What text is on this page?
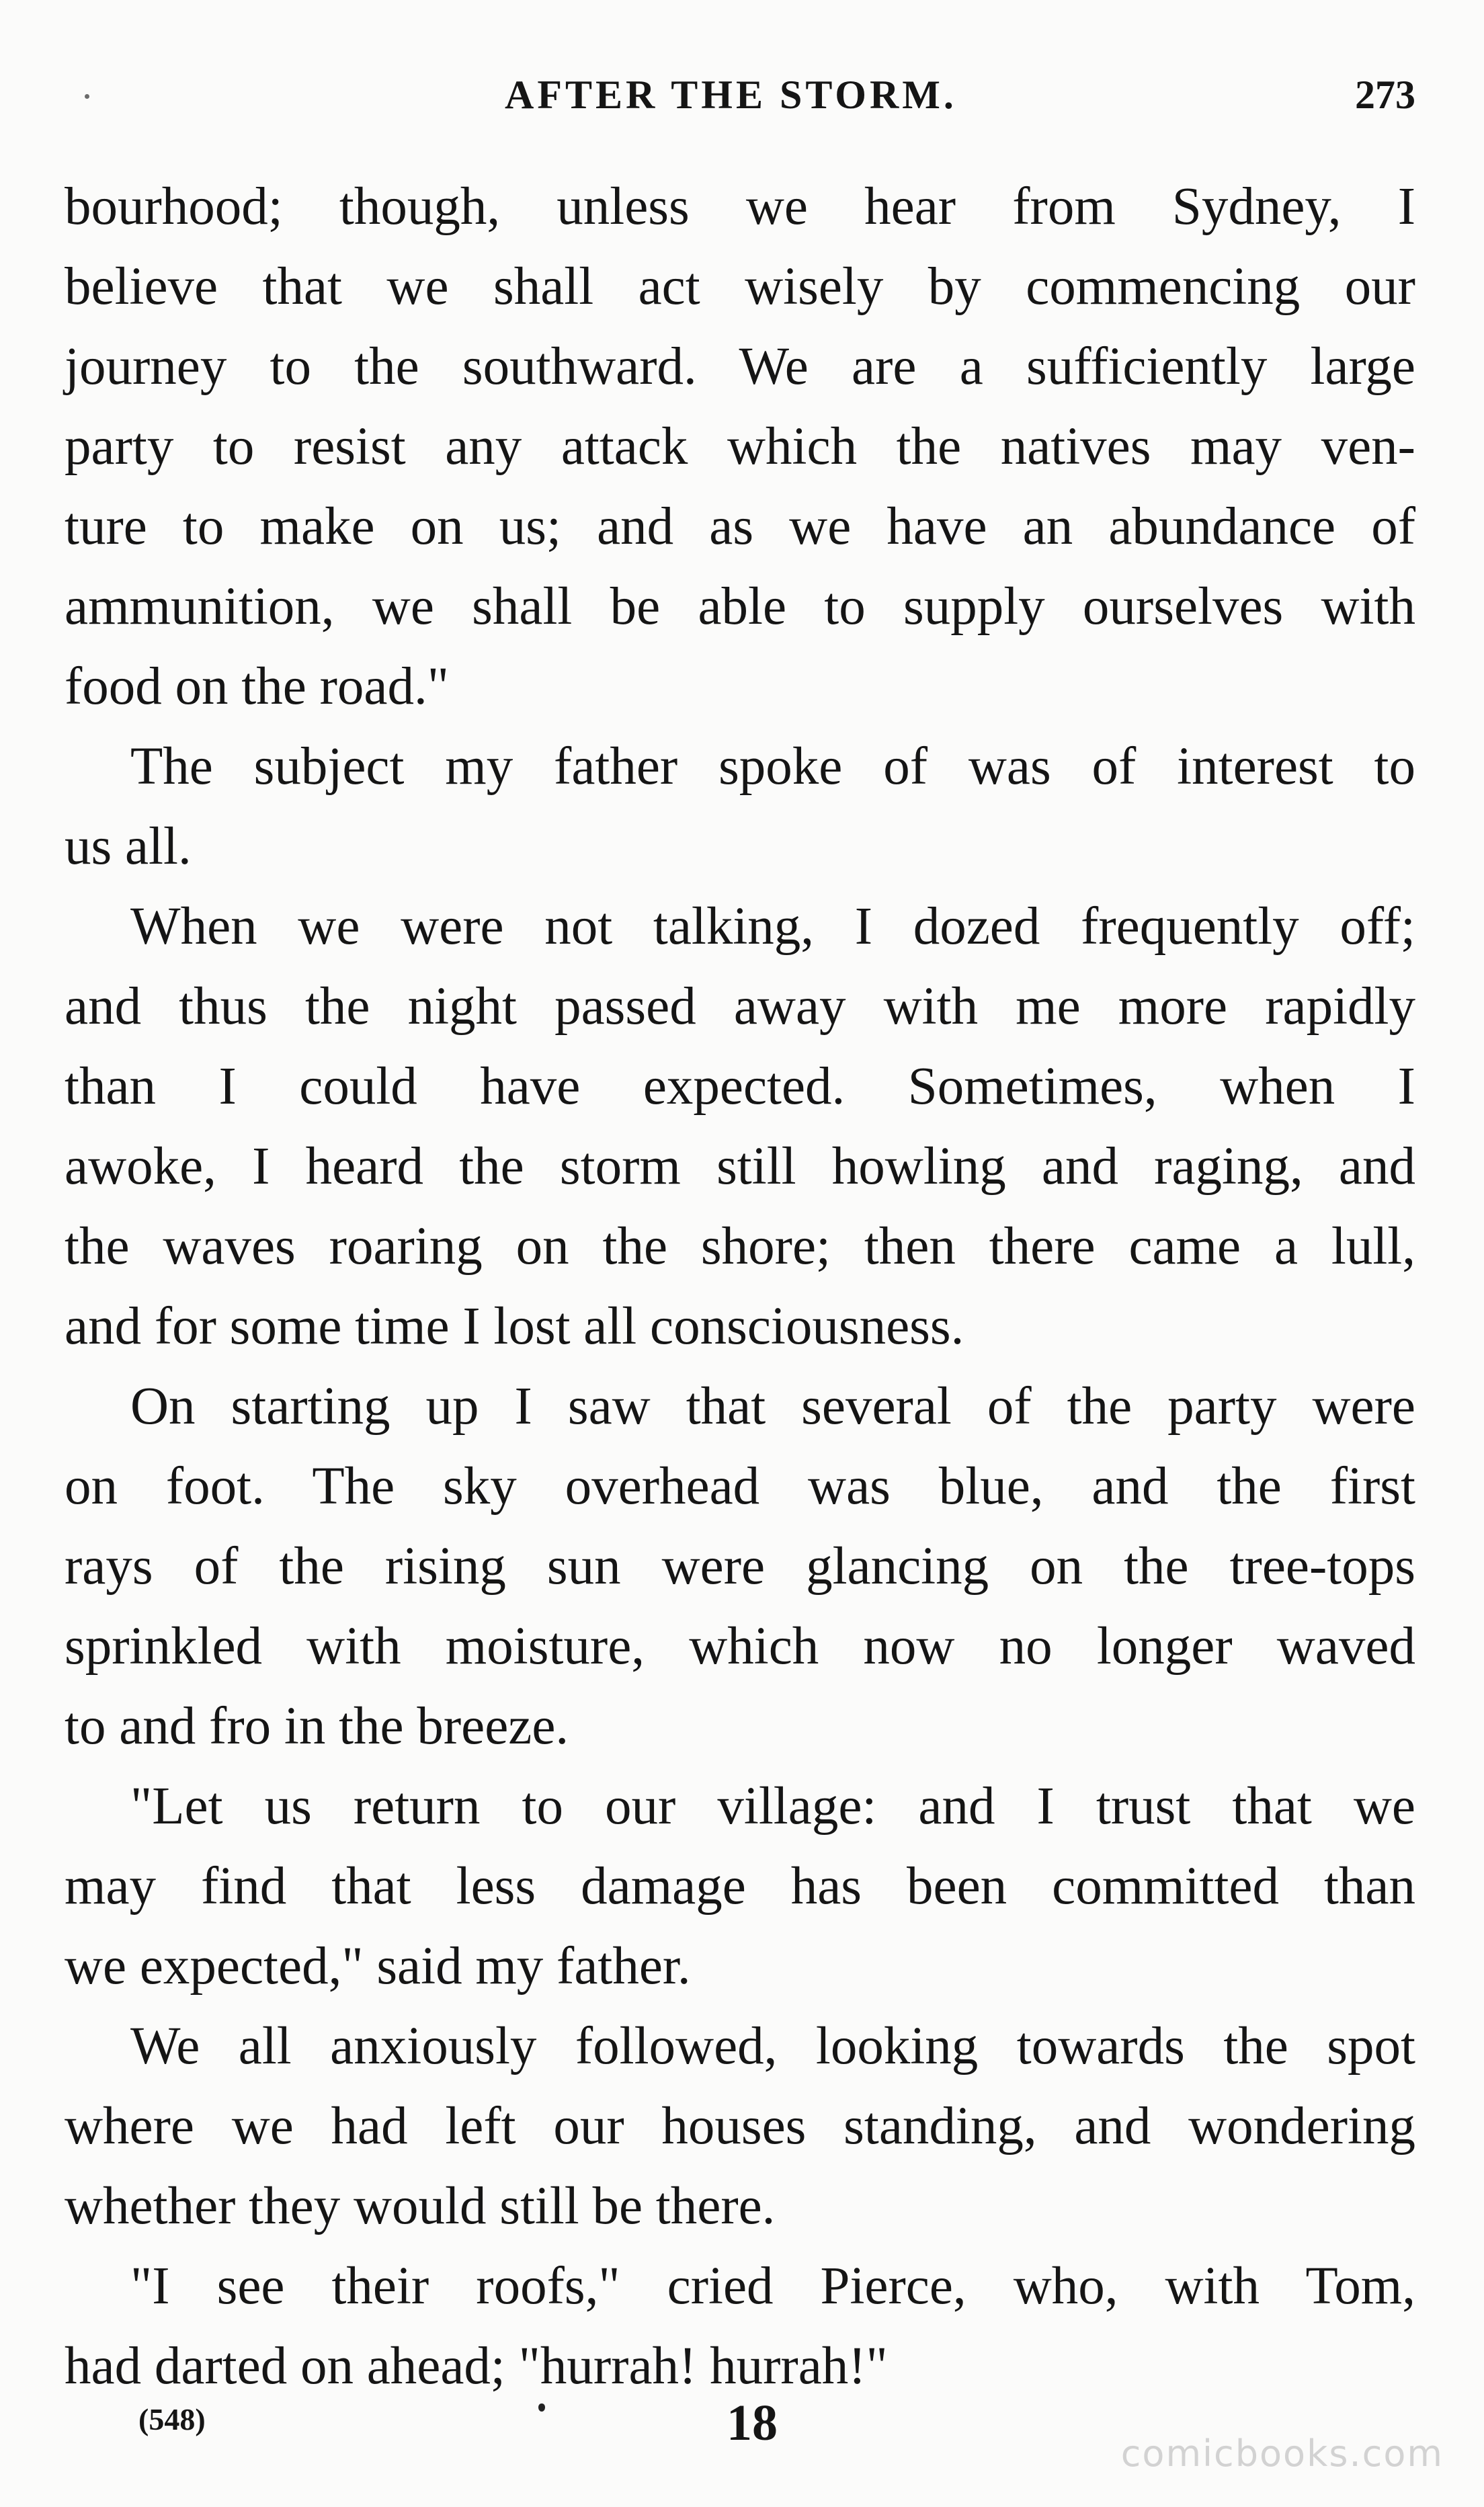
AFTER THE STORM.	273

bourhood; though, unless we hear from Sydney, I
believe that we shall act wisely by commencing our
journey to the southward. We are a sufficiently large
party to resist any attack which the natives may ven-
ture to make on us; and as we have an abundance of
ammunition, we shall be able to supply ourselves with
food on the road."

The subject my father spoke of was of interest to
us all.

When we were not talking, I dozed frequently off;
and thus the night passed away with me more rapidly
than I could have expected. Sometimes, when I
awoke, I heard the storm still howling and raging, and
the waves roaring on the shore; then there came a lull,
and for some time I lost all consciousness.

On starting up I saw that several of the party were
on foot. The sky overhead was blue, and the first
rays of the rising sun were glancing on the tree-tops
sprinkled with moisture, which now no longer waved
to and fro in the breeze.

"Let us return to our village: and I trust that we
may find that less damage has been committed than
we expected," said my father.

We all anxiously followed, looking towards the spot
where we had left our houses standing, and wondering
whether they would still be there.

"I see their roofs," cried Pierce, who, with Tom,
had darted on ahead; "hurrah! hurrah!"

(548)	18
comicbooks.com
